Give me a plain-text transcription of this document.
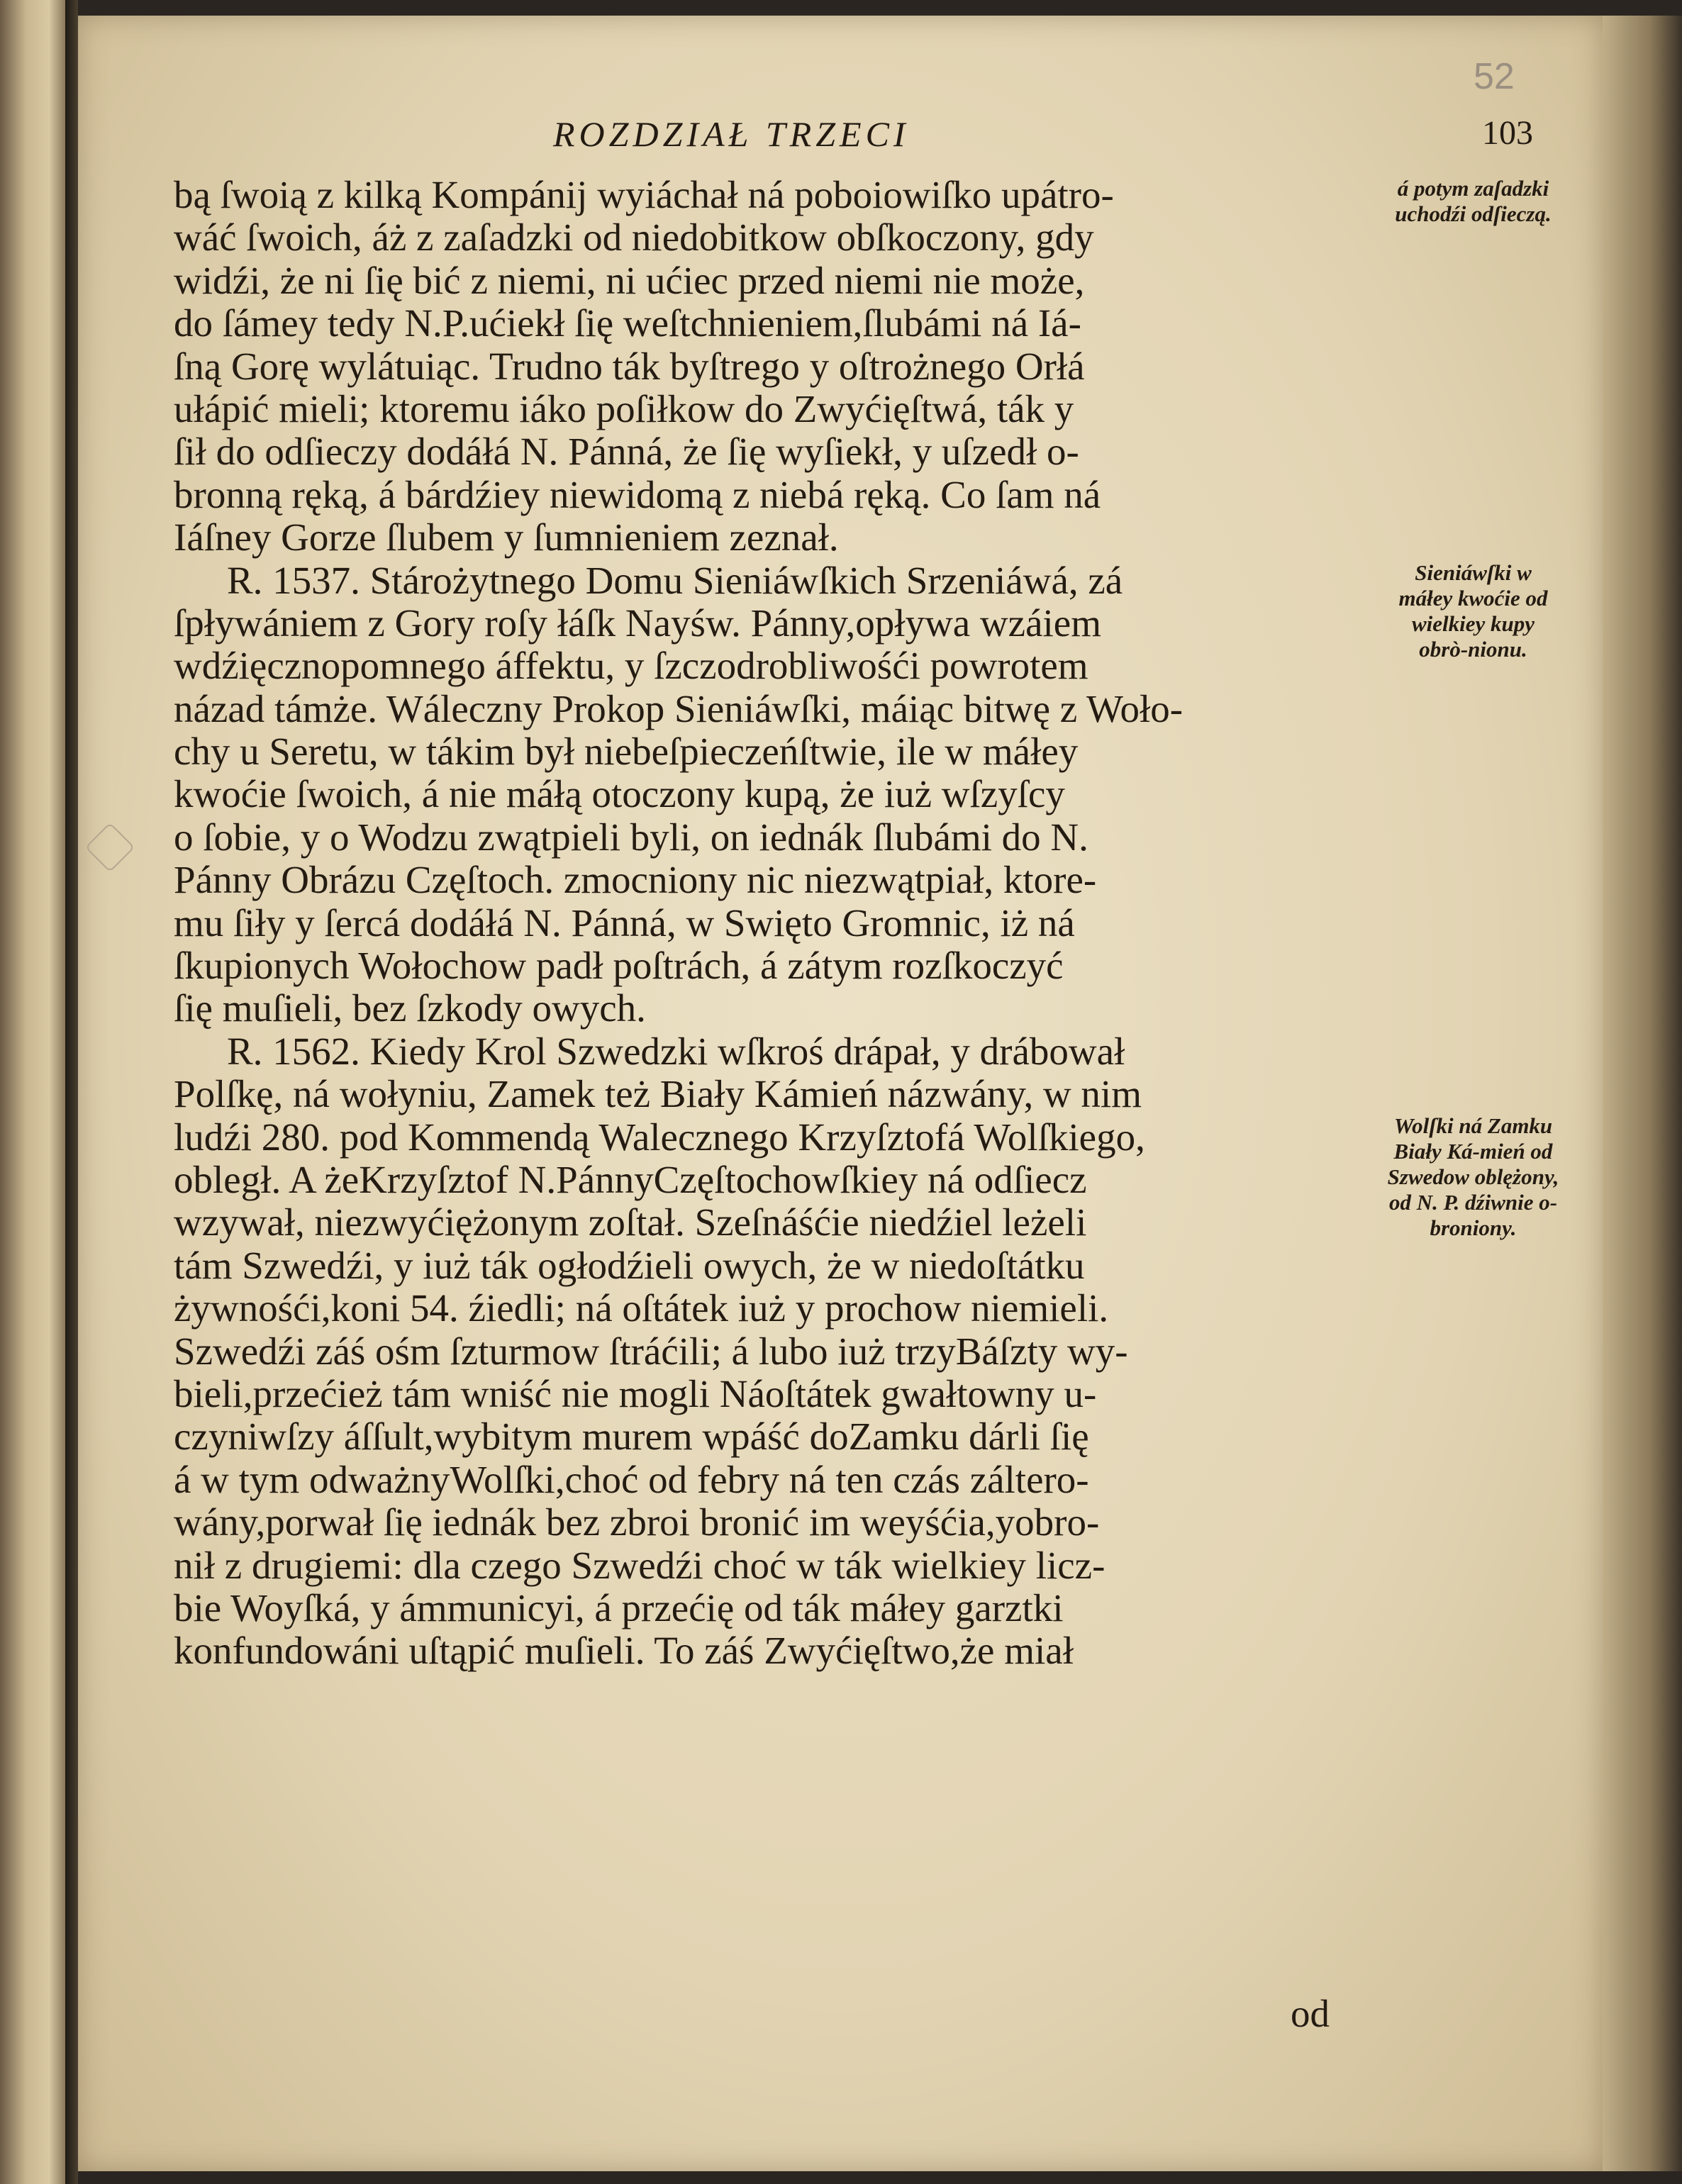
52
ROZDZIAŁ TRZECI	103
bą ſwoią z kilką Kompánij wyiáchał ná poboiowiſko upátro-
wáć ſwoich, áż z zaſadzki od niedobitkow obſkoczony, gdy
widźi, że ni ſię bić z niemi, ni ućiec przed niemi nie może,
do ſámey tedy N.P.ućiekł ſię weſtchnieniem,ſlubámi ná Iá-
ſną Gorę wylátuiąc. Trudno ták byſtrego y oſtrożnego Orłá
ułápić mieli; ktoremu iáko poſiłkow do Zwyćięſtwá, ták y
ſił do odſieczy dodáłá N. Pánná, że ſię wyſiekł, y uſzedł o-
bronną ręką, á bárdźiey niewidomą z niebá ręką. Co ſam ná
Iáſney Gorze ſlubem y ſumnieniem zeznał.
R. 1537. Stárożytnego Domu Sieniáwſkich Srzeniáwá, zá
ſpływániem z Gory roſy łáſk Nayśw. Pánny,opływa wzáiem
wdźięcznopomnego áffektu, y ſzczodrobliwośći powrotem
názad támże. Wáleczny Prokop Sieniáwſki, máiąc bitwę z Woło-
chy u Seretu, w tákim był niebeſpieczeńſtwie, ile w máłey
kwoćie ſwoich, á nie máłą otoczony kupą, że iuż wſzyſcy
o ſobie, y o Wodzu zwątpieli byli, on iednák ſlubámi do N.
Pánny Obrázu Częſtoch. zmocniony nic niezwątpiał, ktore-
mu ſiły y ſercá dodáłá N. Pánná, w Swięto Gromnic, iż ná
ſkupionych Wołochow padł poſtrách, á zátym rozſkoczyć
ſię muſieli, bez ſzkody owych.
R. 1562. Kiedy Krol Szwedzki wſkroś drápał, y drábował
Polſkę, ná wołyniu, Zamek też Biały Kámień názwány, w nim
ludźi 280. pod Kommendą Walecznego Krzyſztofá Wolſkiego,
obległ. A żeKrzyſztof N.PánnyCzęſtochowſkiey ná odſiecz
wzywał, niezwyćiężonym zoſtał. Szeſnáśćie niedźiel leżeli
tám Szwedźi, y iuż ták ogłodźieli owych, że w niedoſtátku
żywnośći,koni 54. źiedli; ná oſtátek iuż y prochow niemieli.
Szwedźi záś ośm ſzturmow ſtráćili; á lubo iuż trzyBáſzty wy-
bieli,przećież tám wniść nie mogli Náoſtátek gwałtowny u-
czyniwſzy áſſult,wybitym murem wpáść doZamku dárli ſię
á w tym odważnyWolſki,choć od febry ná ten czás záltero-
wány,porwał ſię iednák bez zbroi bronić im weyśćia,yobro-
nił z drugiemi: dla czego Szwedźi choć w ták wielkiey licz-
bie Woyſká, y ámmunicyi, á przećię od ták máłey garztki
konfundowáni uſtąpić muſieli. To záś Zwyćięſtwo,że miał
á potym zaſadzki uchodźi odſieczą.
Sieniáwſki w máłey kwoćie od wielkiey kupy obrò-nionu.
Wolſki ná Zamku Biały Ká-mień od Szwedow oblężony, od N. P. dźiwnie o-broniony.
od
